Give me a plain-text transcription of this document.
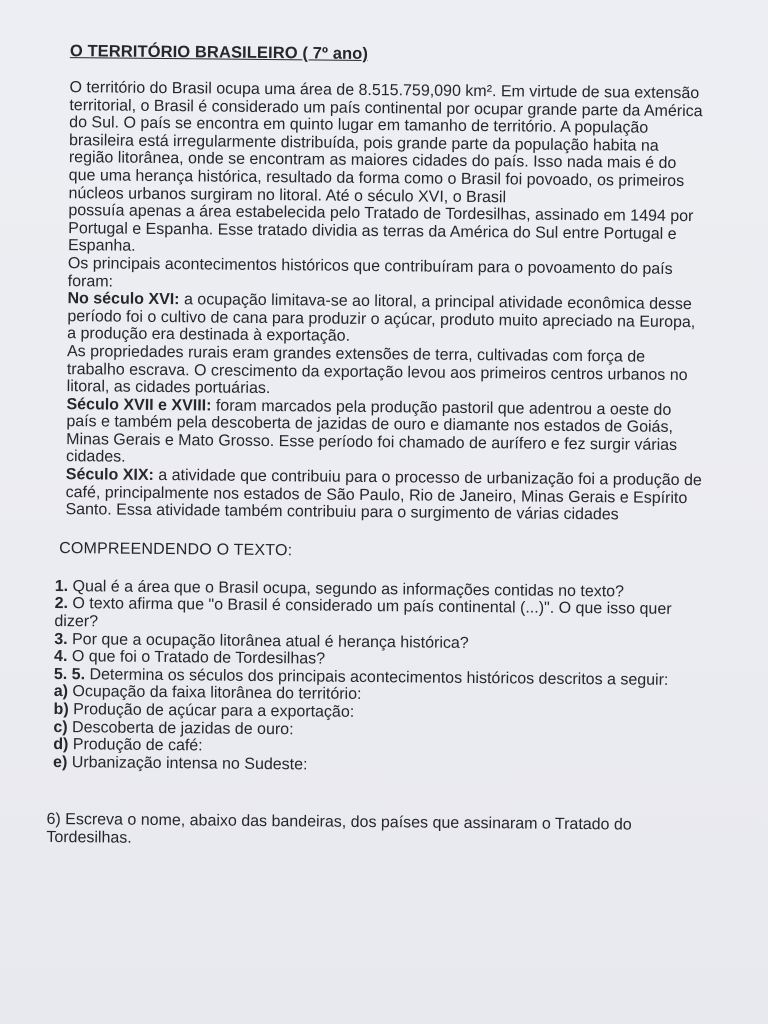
O TERRITÓRIO BRASILEIRO ( 7º ano)

O território do Brasil ocupa uma área de 8.515.759,090 km². Em virtude de sua extensão territorial, o Brasil é considerado um país continental por ocupar grande parte da América do Sul. O país se encontra em quinto lugar em tamanho de território. A população brasileira está irregularmente distribuída, pois grande parte da população habita na região litorânea, onde se encontram as maiores cidades do país. Isso nada mais é do que uma herança histórica, resultado da forma como o Brasil foi povoado, os primeiros núcleos urbanos surgiram no litoral. Até o século XVI, o Brasil

possuía apenas a área estabelecida pelo Tratado de Tordesilhas, assinado em 1494 por Portugal e Espanha. Esse tratado dividia as terras da América do Sul entre Portugal e Espanha.

Os principais acontecimentos históricos que contribuíram para o povoamento do país foram:

No século XVI: a ocupação limitava-se ao litoral, a principal atividade econômica desse período foi o cultivo de cana para produzir o açúcar, produto muito apreciado na Europa, a produção era destinada à exportação.

As propriedades rurais eram grandes extensões de terra, cultivadas com força de trabalho escrava. O crescimento da exportação levou aos primeiros centros urbanos no litoral, as cidades portuárias.

Século XVII e XVIII: foram marcados pela produção pastoril que adentrou a oeste do país e também pela descoberta de jazidas de ouro e diamante nos estados de Goiás, Minas Gerais e Mato Grosso. Esse período foi chamado de aurífero e fez surgir várias cidades.

Século XIX: a atividade que contribuiu para o processo de urbanização foi a produção de café, principalmente nos estados de São Paulo, Rio de Janeiro, Minas Gerais e Espírito Santo. Essa atividade também contribuiu para o surgimento de várias cidades

COMPREENDENDO O TEXTO:

1. Qual é a área que o Brasil ocupa, segundo as informações contidas no texto?

2. O texto afirma que "o Brasil é considerado um país continental (...)". O que isso quer dizer?

3. Por que a ocupação litorânea atual é herança histórica?

4. O que foi o Tratado de Tordesilhas?

5. 5. Determina os séculos dos principais acontecimentos históricos descritos a seguir:

a) Ocupação da faixa litorânea do território:

b) Produção de açúcar para a exportação:

c) Descoberta de jazidas de ouro:

d) Produção de café:

e) Urbanização intensa no Sudeste:

6) Escreva o nome, abaixo das bandeiras, dos países que assinaram o Tratado do Tordesilhas.
